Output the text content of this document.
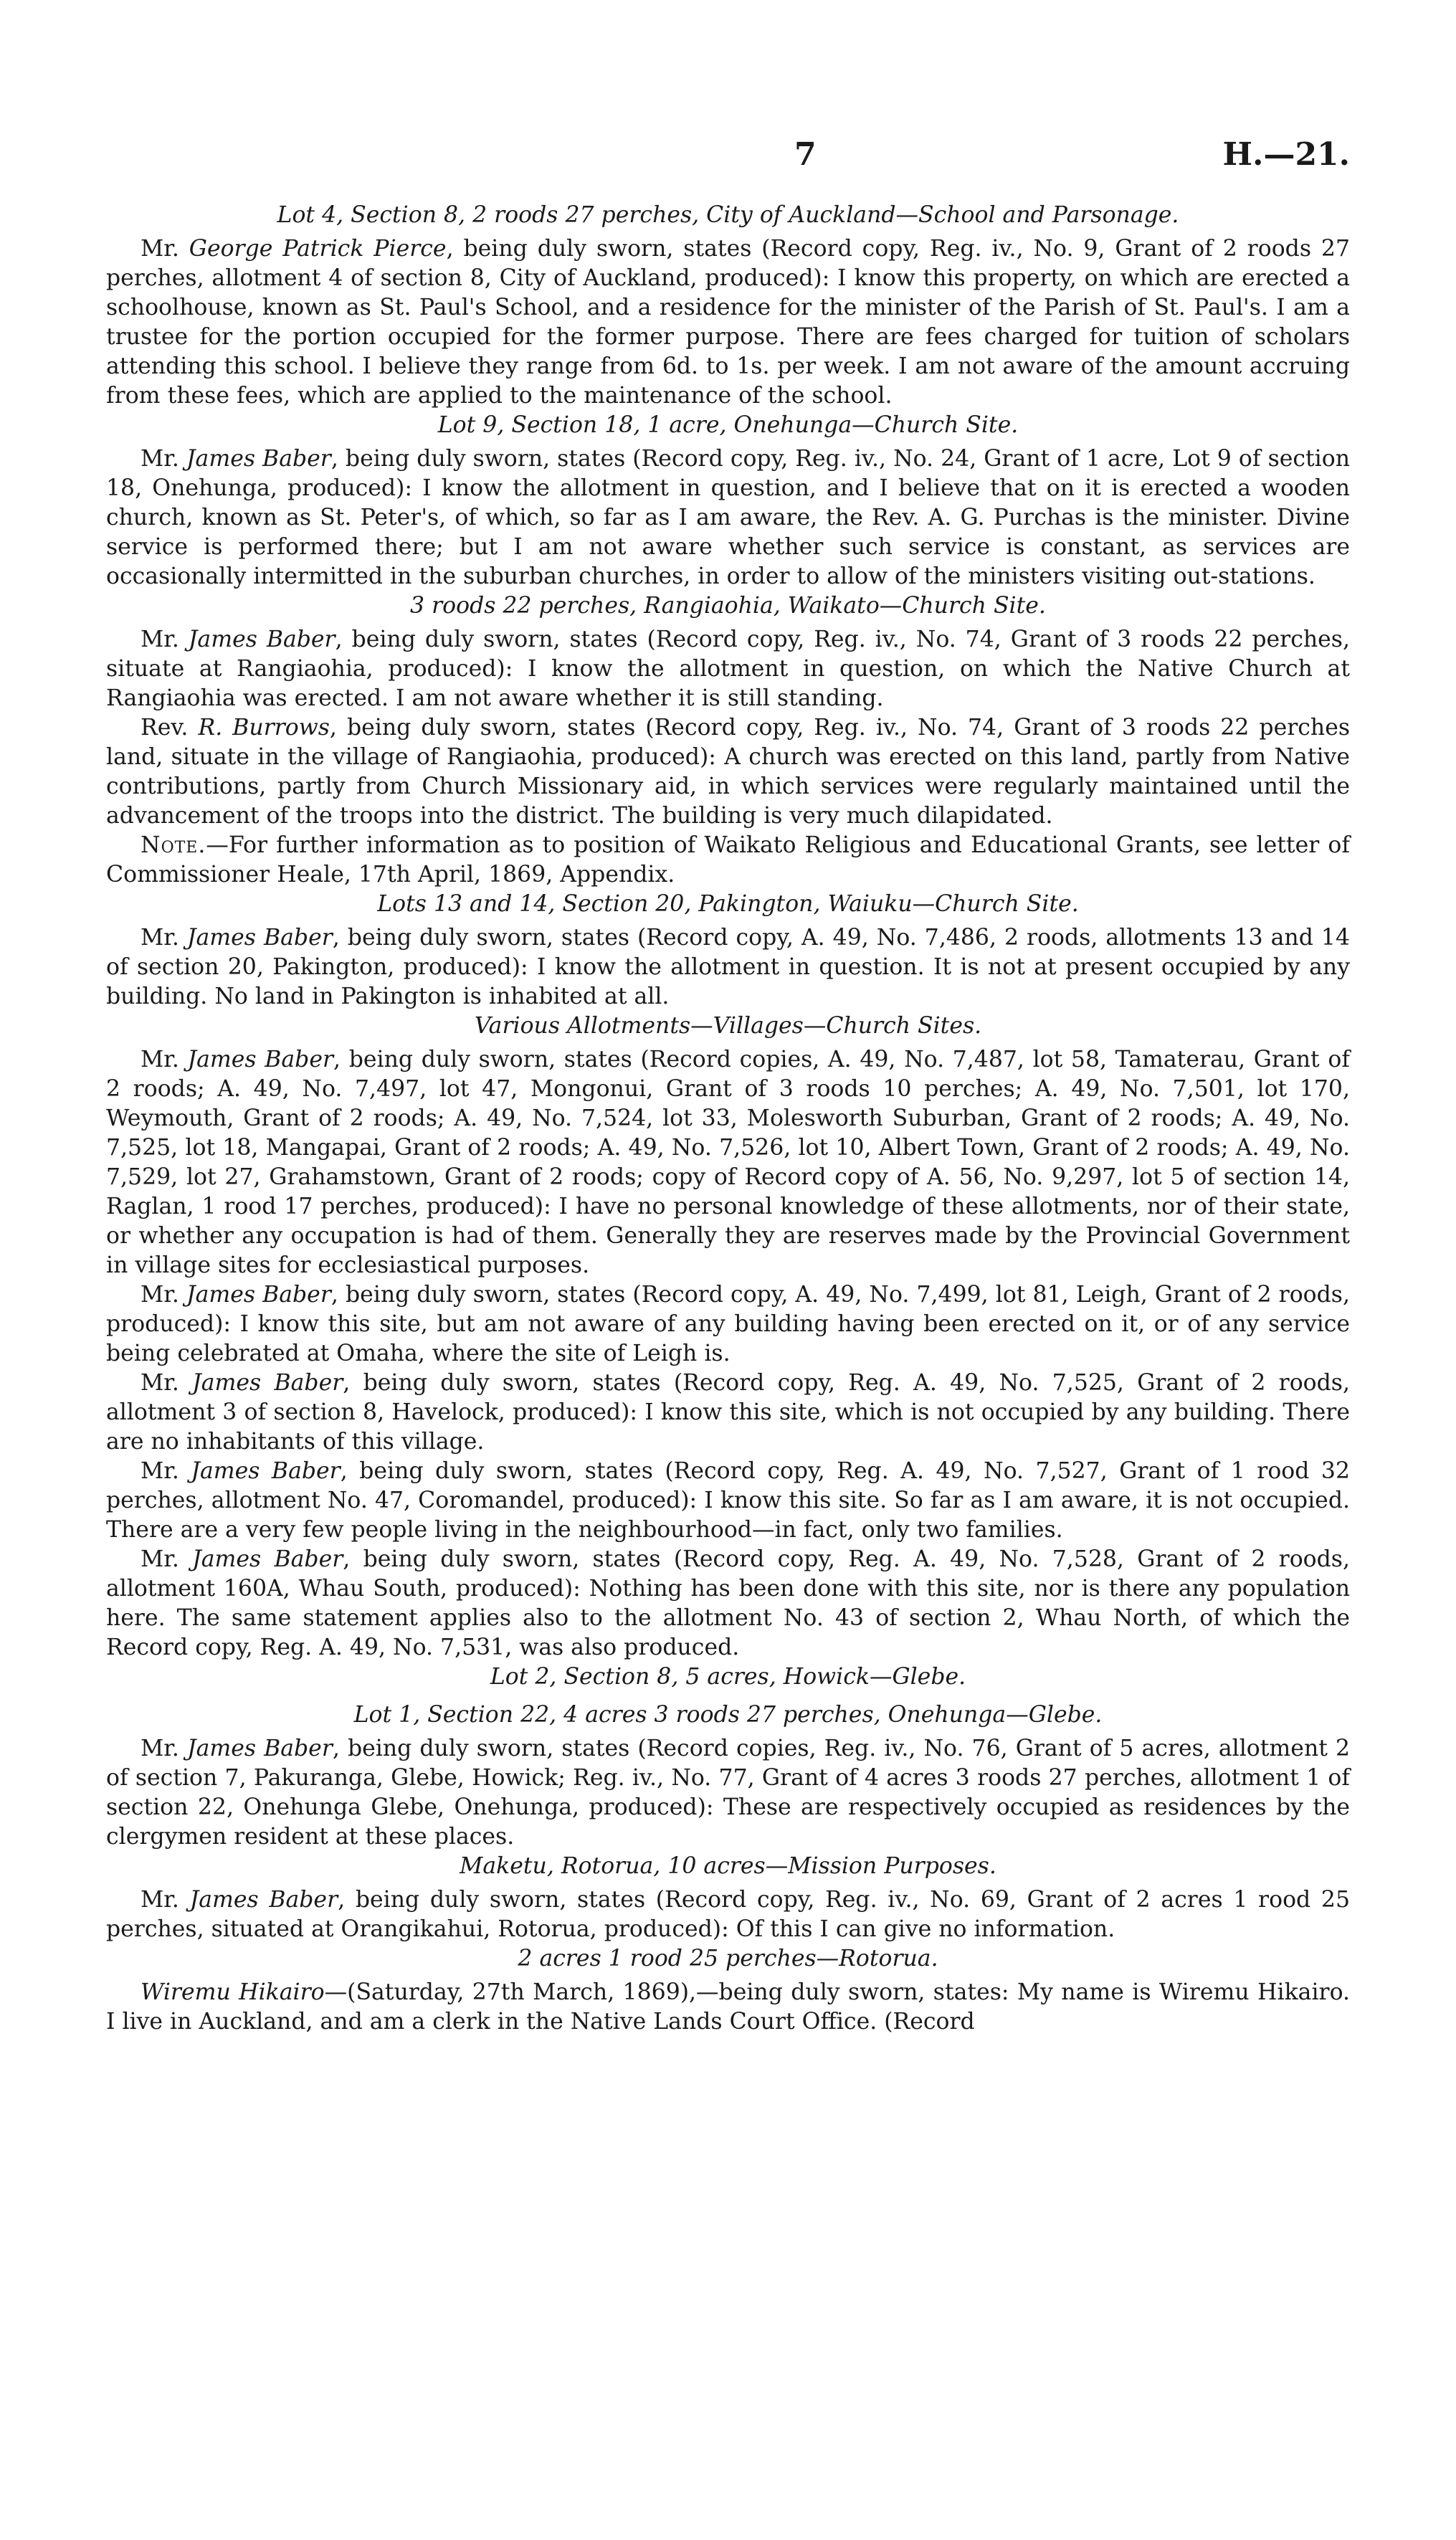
7	H.—21.
Lot 4, Section 8, 2 roods 27 perches, City of Auckland—School and Parsonage.

Mr. George Patrick Pierce, being duly sworn, states (Record copy, Reg. iv., No. 9, Grant of 2 roods 27 perches, allotment 4 of section 8, City of Auckland, produced): I know this property, on which are erected a schoolhouse, known as St. Paul's School, and a residence for the minister of the Parish of St. Paul's. I am a trustee for the portion occupied for the former purpose. There are fees charged for tuition of scholars attending this school. I believe they range from 6d. to 1s. per week. I am not aware of the amount accruing from these fees, which are applied to the maintenance of the school.

Lot 9, Section 18, 1 acre, Onehunga—Church Site.

Mr. James Baber, being duly sworn, states (Record copy, Reg. iv., No. 24, Grant of 1 acre, Lot 9 of section 18, Onehunga, produced): I know the allotment in question, and I believe that on it is erected a wooden church, known as St. Peter's, of which, so far as I am aware, the Rev. A. G. Purchas is the minister. Divine service is performed there; but I am not aware whether such service is constant, as services are occasionally intermitted in the suburban churches, in order to allow of the ministers visiting out-stations.

3 roods 22 perches, Rangiaohia, Waikato—Church Site.

Mr. James Baber, being duly sworn, states (Record copy, Reg. iv., No. 74, Grant of 3 roods 22 perches, situate at Rangiaohia, produced): I know the allotment in question, on which the Native Church at Rangiaohia was erected. I am not aware whether it is still standing.

Rev. R. Burrows, being duly sworn, states (Record copy, Reg. iv., No. 74, Grant of 3 roods 22 perches land, situate in the village of Rangiaohia, produced): A church was erected on this land, partly from Native contributions, partly from Church Missionary aid, in which services were regularly maintained until the advancement of the troops into the district. The building is very much dilapidated.

Note.—For further information as to position of Waikato Religious and Educational Grants, see letter of Commissioner Heale, 17th April, 1869, Appendix.

Lots 13 and 14, Section 20, Pakington, Waiuku—Church Site.

Mr. James Baber, being duly sworn, states (Record copy, A. 49, No. 7,486, 2 roods, allotments 13 and 14 of section 20, Pakington, produced): I know the allotment in question. It is not at present occupied by any building. No land in Pakington is inhabited at all.

Various Allotments—Villages—Church Sites.

Mr. James Baber, being duly sworn, states (Record copies, A. 49, No. 7,487, lot 58, Tamaterau, Grant of 2 roods; A. 49, No. 7,497, lot 47, Mongonui, Grant of 3 roods 10 perches; A. 49, No. 7,501, lot 170, Weymouth, Grant of 2 roods; A. 49, No. 7,524, lot 33, Molesworth Suburban, Grant of 2 roods; A. 49, No. 7,525, lot 18, Mangapai, Grant of 2 roods; A. 49, No. 7,526, lot 10, Albert Town, Grant of 2 roods; A. 49, No. 7,529, lot 27, Grahamstown, Grant of 2 roods; copy of Record copy of A. 56, No. 9,297, lot 5 of section 14, Raglan, 1 rood 17 perches, produced): I have no personal knowledge of these allotments, nor of their state, or whether any occupation is had of them. Generally they are reserves made by the Provincial Government in village sites for ecclesiastical purposes.

Mr. James Baber, being duly sworn, states (Record copy, A. 49, No. 7,499, lot 81, Leigh, Grant of 2 roods, produced): I know this site, but am not aware of any building having been erected on it, or of any service being celebrated at Omaha, where the site of Leigh is.

Mr. James Baber, being duly sworn, states (Record copy, Reg. A. 49, No. 7,525, Grant of 2 roods, allotment 3 of section 8, Havelock, produced): I know this site, which is not occupied by any building. There are no inhabitants of this village.

Mr. James Baber, being duly sworn, states (Record copy, Reg. A. 49, No. 7,527, Grant of 1 rood 32 perches, allotment No. 47, Coromandel, produced): I know this site. So far as I am aware, it is not occupied. There are a very few people living in the neighbourhood—in fact, only two families.

Mr. James Baber, being duly sworn, states (Record copy, Reg. A. 49, No. 7,528, Grant of 2 roods, allotment 160A, Whau South, produced): Nothing has been done with this site, nor is there any population here. The same statement applies also to the allotment No. 43 of section 2, Whau North, of which the Record copy, Reg. A. 49, No. 7,531, was also produced.

Lot 2, Section 8, 5 acres, Howick—Glebe.
Lot 1, Section 22, 4 acres 3 roods 27 perches, Onehunga—Glebe.

Mr. James Baber, being duly sworn, states (Record copies, Reg. iv., No. 76, Grant of 5 acres, allotment 2 of section 7, Pakuranga, Glebe, Howick; Reg. iv., No. 77, Grant of 4 acres 3 roods 27 perches, allotment 1 of section 22, Onehunga Glebe, Onehunga, produced): These are respectively occupied as residences by the clergymen resident at these places.

Maketu, Rotorua, 10 acres—Mission Purposes.

Mr. James Baber, being duly sworn, states (Record copy, Reg. iv., No. 69, Grant of 2 acres 1 rood 25 perches, situated at Orangikahui, Rotorua, produced): Of this I can give no information.

2 acres 1 rood 25 perches—Rotorua.

Wiremu Hikairo—(Saturday, 27th March, 1869),—being duly sworn, states: My name is Wiremu Hikairo. I live in Auckland, and am a clerk in the Native Lands Court Office. (Record
